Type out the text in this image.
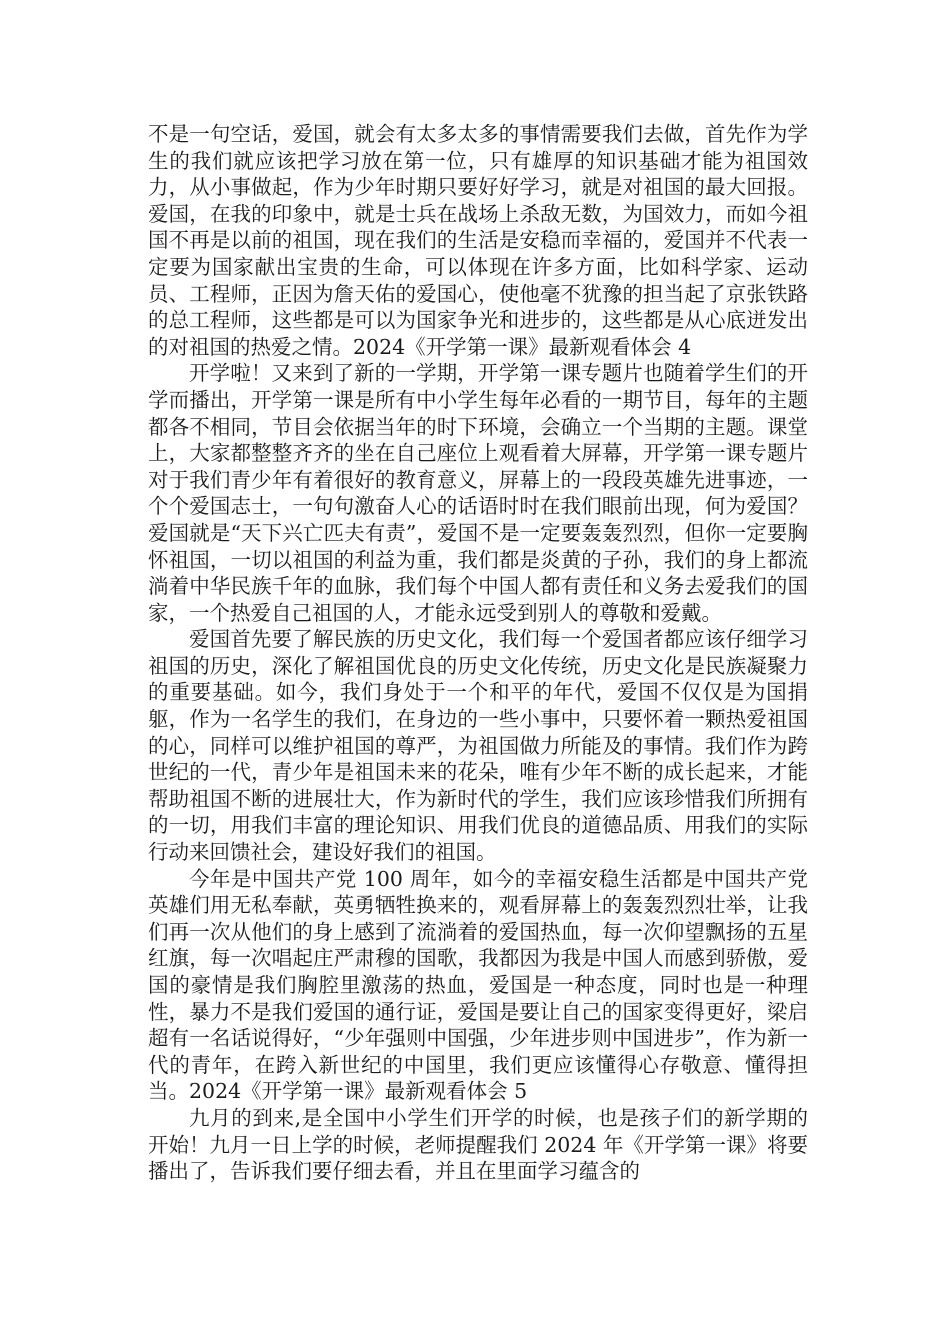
不是一句空话，爱国，就会有太多太多的事情需要我们去做，首先作为学生的我们就应该把学习放在第一位，只有雄厚的知识基础才能为祖国效力，从小事做起，作为少年时期只要好好学习，就是对祖国的最大回报。爱国，在我的印象中，就是士兵在战场上杀敌无数，为国效力，而如今祖国不再是以前的祖国，现在我们的生活是安稳而幸福的，爱国并不代表一定要为国家献出宝贵的生命，可以体现在许多方面，比如科学家、运动员、工程师，正因为詹天佑的爱国心，使他毫不犹豫的担当起了京张铁路的总工程师，这些都是可以为国家争光和进步的，这些都是从心底迸发出的对祖国的热爱之情。2024《开学第一课》最新观看体会 4

开学啦！又来到了新的一学期，开学第一课专题片也随着学生们的开学而播出，开学第一课是所有中小学生每年必看的一期节目，每年的主题都各不相同，节目会依据当年的时下环境，会确立一个当期的主题。课堂上，大家都整整齐齐的坐在自己座位上观看着大屏幕，开学第一课专题片对于我们青少年有着很好的教育意义，屏幕上的一段段英雄先进事迹，一个个爱国志士，一句句激奋人心的话语时时在我们眼前出现，何为爱国？爱国就是“天下兴亡匹夫有责”，爱国不是一定要轰轰烈烈，但你一定要胸怀祖国，一切以祖国的利益为重，我们都是炎黄的子孙，我们的身上都流淌着中华民族千年的血脉，我们每个中国人都有责任和义务去爱我们的国家，一个热爱自己祖国的人，才能永远受到别人的尊敬和爱戴。

爱国首先要了解民族的历史文化，我们每一个爱国者都应该仔细学习祖国的历史，深化了解祖国优良的历史文化传统，历史文化是民族凝聚力的重要基础。如今，我们身处于一个和平的年代，爱国不仅仅是为国捐躯，作为一名学生的我们，在身边的一些小事中，只要怀着一颗热爱祖国的心，同样可以维护祖国的尊严，为祖国做力所能及的事情。我们作为跨世纪的一代，青少年是祖国未来的花朵，唯有少年不断的成长起来，才能帮助祖国不断的进展壮大，作为新时代的学生，我们应该珍惜我们所拥有的一切，用我们丰富的理论知识、用我们优良的道德品质、用我们的实际行动来回馈社会，建设好我们的祖国。

今年是中国共产党 100 周年，如今的幸福安稳生活都是中国共产党英雄们用无私奉献，英勇牺牲换来的，观看屏幕上的轰轰烈烈壮举，让我们再一次从他们的身上感到了流淌着的爱国热血，每一次仰望飘扬的五星红旗，每一次唱起庄严肃穆的国歌，我都因为我是中国人而感到骄傲，爱国的豪情是我们胸腔里激荡的热血，爱国是一种态度，同时也是一种理性，暴力不是我们爱国的通行证，爱国是要让自己的国家变得更好，梁启超有一名话说得好，“少年强则中国强，少年进步则中国进步”，作为新一代的青年，在跨入新世纪的中国里，我们更应该懂得心存敬意、懂得担当。2024《开学第一课》最新观看体会 5

九月的到来,是全国中小学生们开学的时候，也是孩子们的新学期的开始！九月一日上学的时候，老师提醒我们 2024 年《开学第一课》将要播出了，告诉我们要仔细去看，并且在里面学习蕴含的
